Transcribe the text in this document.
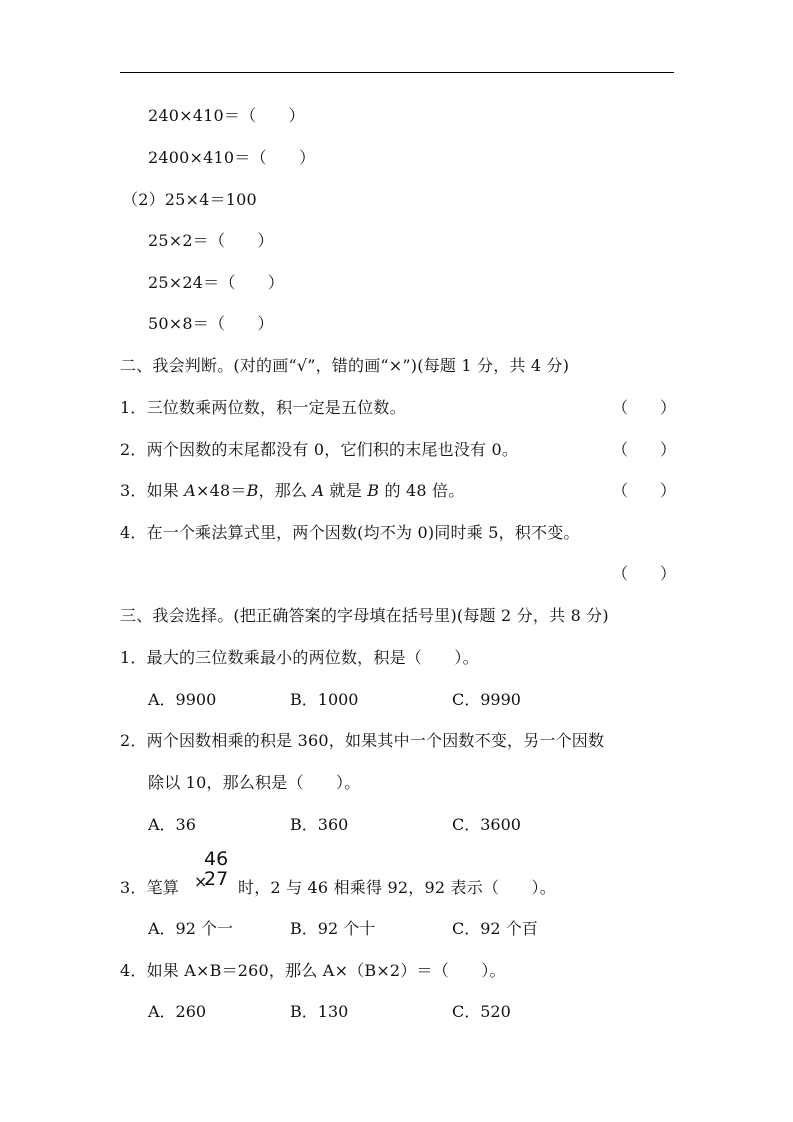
240×410＝（　　）
2400×410＝（　　）
（2）25×4＝100
25×2＝（　　）
25×24＝（　　）
50×8＝（　　）
二、我会判断。(对的画“√”，错的画“×”)(每题 1 分，共 4 分)
1．三位数乘两位数，积一定是五位数。	（　　）
2．两个因数的末尾都没有 0，它们积的末尾也没有 0。	（　　）
3．如果 A×48＝B，那么 A 就是 B 的 48 倍。	（　　）
4．在一个乘法算式里，两个因数(均不为 0)同时乘 5，积不变。
（　　）
三、我会选择。(把正确答案的字母填在括号里)(每题 2 分，共 8 分)
1．最大的三位数乘最小的两位数，积是（　　）。
A．9900	B．1000	C．9990
2．两个因数相乘的积是 360，如果其中一个因数不变，另一个因数
除以 10，那么积是（　　）。
A．36	B．360	C．3600
3．笔算
46
×
27 时，2 与 46 相乘得 92，92 表示（　　）。
A．92 个一	B．92 个十	C．92 个百
4．如果 A×B＝260，那么 A×（B×2）＝（　　）。
A．260	B．130	C．520
